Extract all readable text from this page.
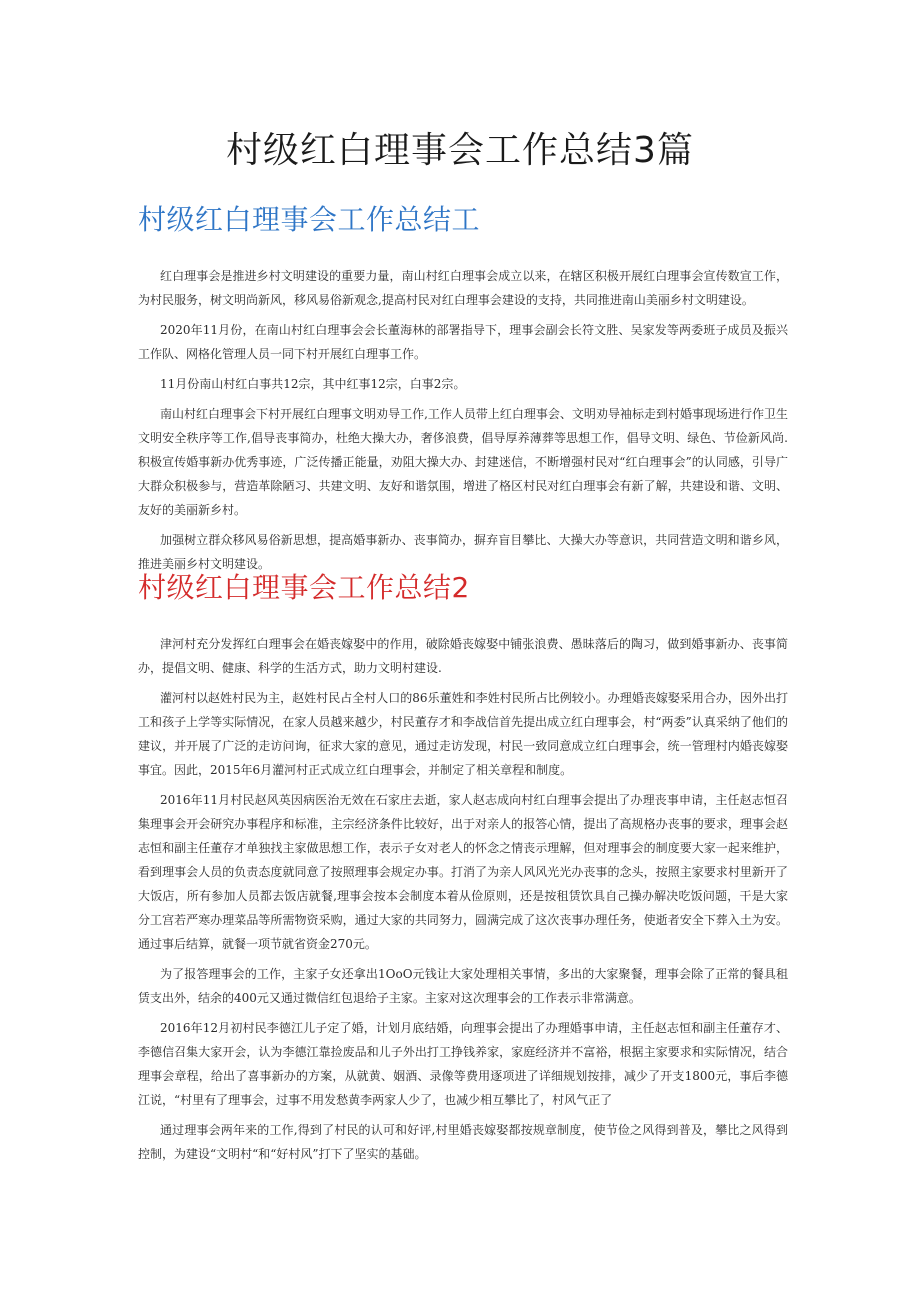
村级红白理事会工作总结3篇
村级红白理事会工作总结工

红白理事会是推进乡村文明建设的重要力量，南山村红白理事会成立以来，在辖区积极开展红白理事会宣传数宣工作，为村民服务，树文明尚新风，移风易俗新观念,提高村民对红白理事会建设的支持，共同推进南山美丽乡村文明建设。

2020年11月份，在南山村红白理事会会长董海林的部署指导下，理事会副会长符文胜、吴家发等两委班子成员及振兴工作队、网格化管理人员一同下村开展红白理事工作。

11月份南山村红白事共12宗，其中红事12宗，白事2宗。

南山村红白理事会下村开展红白理事文明劝导工作,工作人员带上红白理事会、文明劝导袖标走到村婚事现场进行作卫生文明安全秩序等工作,倡导丧事简办，杜绝大操大办，奢侈浪费，倡导厚养薄葬等思想工作，倡导文明、绿色、节俭新风尚.积极宣传婚事新办优秀事迹，广泛传播正能量，劝阻大操大办、封建迷信，不断增强村民对“红白理事会”的认同感，引导广大群众积极参与，营造革除陋习、共建文明、友好和谐氛围，增进了格区村民对红白理事会有新了解，共建设和谐、文明、友好的美丽新乡村。

加强树立群众移风易俗新思想，提高婚事新办、丧事简办，摒弃盲目攀比、大操大办等意识，共同营造文明和谐乡风，推进美丽乡村文明建设。

村级红白理事会工作总结2

津河村充分发挥红白理事会在婚丧嫁娶中的作用，破除婚丧嫁娶中铺张浪费、愚昧落后的陶习，做到婚事新办、丧事简办，提倡文明、健康、科学的生活方式，助力文明村建设.

灌河村以赵姓村民为主，赵姓村民占全村人口的86乐董姓和李姓村民所占比例较小。办理婚丧嫁娶采用合办，因外出打工和孩子上学等实际情况，在家人员越来越少，村民董存才和李战信首先提出成立红白理事会，村“两委”认真采纳了他们的建议，并开展了广泛的走访问询，征求大家的意见，通过走访发现，村民一致同意成立红白理事会，统一管理村内婚丧嫁娶事宜。因此，2015年6月灌河村正式成立红白理事会，并制定了相关章程和制度。

2016年11月村民赵风英因病医治无效在石家庄去逝，家人赵志成向村红白理事会提出了办理丧事申请，主任赵志恒召集理事会开会研究办事程序和标准，主宗经济条件比较好，出于对亲人的报答心情，提出了高规格办丧事的要求，理事会赵志恒和副主任董存才单独找主家做思想工作，表示子女对老人的怀念之情丧示理解，但对理事会的制度要大家一起来维护，看到理事会人员的负责态度就同意了按照理事会规定办事。打消了为亲人风风光光办丧事的念头，按照主家要求村里新开了大饭店，所有参加人员都去饭店就餐,理事会按本会制度本着从俭原则，还是按租赁饮具自己操办解决吃饭问题，干是大家分工宫若严寒办理菜品等所需物资采购，通过大家的共同努力，圆满完成了这次丧事办理任务，使逝者安全下葬入土为安。通过事后结算，就餐一项节就省资金270元。

为了报答理事会的工作，主家子女还拿出1OoO元钱让大家处理相关事情，多出的大家聚餐，理事会除了正常的餐具租赁支出外，结余的400元又通过微信红包退给子主家。主家对这次理事会的工作表示非常满意。

2016年12月初村民李德江儿子定了婚，计划月底结婚，向理事会提出了办理婚事申请，主任赵志恒和副主任董存才、李德信召集大家开会，认为李德江靠捡废品和儿子外出打工挣钱养家，家庭经济并不富裕，根据主家要求和实际情况，结合理事会章程，给出了喜事新办的方案，从就黄、姻酒、录像等费用逐项进了详细规划按排，减少了开支1800元，事后李德江说，“村里有了理事会，过事不用发愁黄李两家人少了，也减少相互攀比了，村风气正了

通过理事会两年来的工作,得到了村民的认可和好评,村里婚丧嫁娶都按规章制度，使节俭之风得到普及，攀比之风得到控制，为建设“文明村“和“好村风”打下了坚实的基础。
